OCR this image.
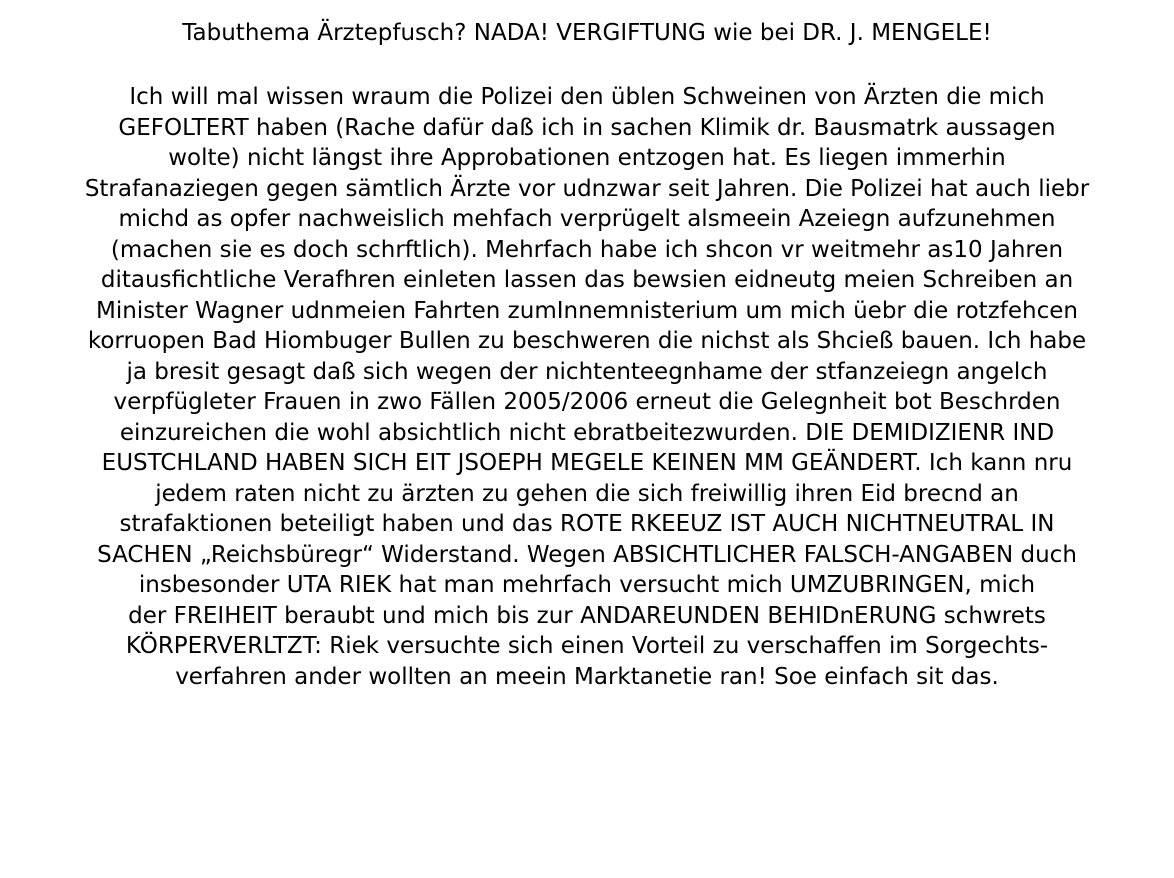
Tabuthema Ärztepfusch? NADA! VERGIFTUNG wie bei DR. J. MENGELE!

Ich will mal wissen wraum die Polizei den üblen Schweinen von Ärzten die mich
GEFOLTERT haben (Rache dafür daß ich in sachen Klimik dr. Bausmatrk aussagen
wolte) nicht längst ihre Approbationen entzogen hat. Es liegen immerhin
Strafanaziegen gegen sämtlich Ärzte vor udnzwar seit Jahren. Die Polizei hat auch liebr
michd as opfer nachweislich mehfach verprügelt alsmeein Azeiegn aufzunehmen
(machen sie es doch schrftlich). Mehrfach habe ich shcon vr weitmehr as10 Jahren
ditausfichtliche Verafhren einleten lassen das bewsien eidneutg meien Schreiben an
Minister Wagner udnmeien Fahrten zumInnemnisterium um mich üebr die rotzfehcen
korruopen Bad Hiombuger Bullen zu beschweren die nichst als Shcieß bauen. Ich habe
ja bresit gesagt daß sich wegen der nichtenteegnhame der stfanzeiegn angelch
verpfügleter Frauen in zwo Fällen 2005/2006 erneut die Gelegnheit bot Beschrden
einzureichen die wohl absichtlich nicht ebratbeitezwurden. DIE DEMIDIZIENR IND
EUSTCHLAND HABEN SICH EIT JSOEPH MEGELE KEINEN MM GEÄNDERT. Ich kann nru
jedem raten nicht zu ärzten zu gehen die sich freiwillig ihren Eid brecnd an
strafaktionen beteiligt haben und das ROTE RKEEUZ IST AUCH NICHTNEUTRAL IN
SACHEN „Reichsbüregr“ Widerstand. Wegen ABSICHTLICHER FALSCH-ANGABEN duch
insbesonder UTA RIEK hat man mehrfach versucht mich UMZUBRINGEN, mich
der FREIHEIT beraubt und mich bis zur ANDAREUNDEN BEHIDnERUNG schwrets
KÖRPERVERLTZT: Riek versuchte sich einen Vorteil zu verschaffen im Sorgechts-
verfahren ander wollten an meein Marktanetie ran! Soe einfach sit das.
